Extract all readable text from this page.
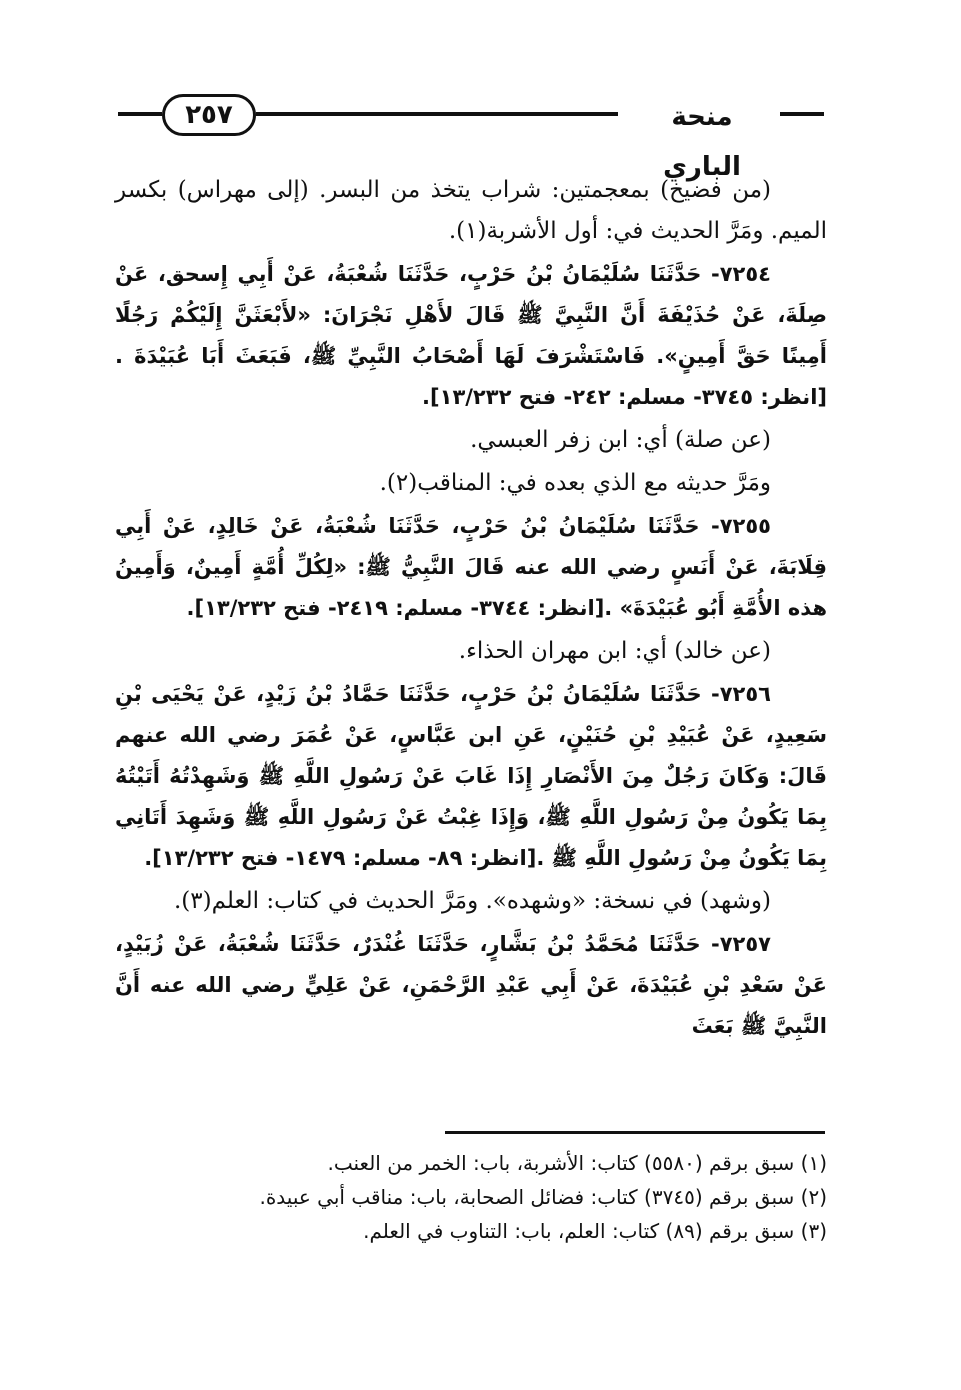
٢٥٧	منحة الباري

(من فضيخ) بمعجمتين: شراب يتخذ من البسر. (إلى مهراس) بكسر الميم. ومَرَّ الحديث في: أول الأشربة(١).

٧٢٥٤- حَدَّثَنَا سُلَيْمَانُ بْنُ حَرْبٍ، حَدَّثَنَا شُعْبَةُ، عَنْ أَبِي إِسحق، عَنْ صِلَةَ، عَنْ حُذَيْفَةَ أَنَّ النَّبِيَّ ﷺ قَالَ لأَهْلِ نَجْرَانَ: «لأَبْعَثَنَّ إِلَيْكُمْ رَجُلًا أَمِينًا حَقَّ أَمِينٍ». فَاسْتَشْرَفَ لَهَا أَصْحَابُ النَّبِيِّ ﷺ، فَبَعَثَ أَبَا عُبَيْدَةَ .[انظر: ٣٧٤٥- مسلم: ٢٤٢- فتح ١٣/٢٣٢].

(عن صلة) أي: ابن زفر العبسي.

ومَرَّ حديثه مع الذي بعده في: المناقب(٢).

٧٢٥٥- حَدَّثَنَا سُلَيْمَانُ بْنُ حَرْبٍ، حَدَّثَنَا شُعْبَةُ، عَنْ خَالِدٍ، عَنْ أَبِي قِلَابَةَ، عَنْ أَنَسٍ رضي الله عنه قَالَ النَّبِيُّ ﷺ: «لِكُلِّ أُمَّةٍ أَمِينٌ، وَأَمِينُ هذه الأُمَّةِ أَبُو عُبَيْدَةَ» .[انظر: ٣٧٤٤- مسلم: ٢٤١٩- فتح ١٣/٢٣٢].

(عن خالد) أي: ابن مهران الحذاء.

٧٢٥٦- حَدَّثَنَا سُلَيْمَانُ بْنُ حَرْبٍ، حَدَّثَنَا حَمَّادُ بْنُ زَيْدٍ، عَنْ يَحْيَى بْنِ سَعِيدٍ، عَنْ عُبَيْدِ بْنِ حُنَيْنٍ، عَنِ ابن عَبَّاسٍ، عَنْ عُمَرَ رضي الله عنهم قَالَ: وَكَانَ رَجُلٌ مِنَ الأَنْصَارِ إِذَا غَابَ عَنْ رَسُولِ اللَّهِ ﷺ وَشَهِدْتُهُ أَتَيْتُهُ بِمَا يَكُونُ مِنْ رَسُولِ اللَّهِ ﷺ، وَإِذَا غِبْتُ عَنْ رَسُولِ اللَّهِ ﷺ وَشَهِدَ أَتَانِي بِمَا يَكُونُ مِنْ رَسُولِ اللَّهِ ﷺ .[انظر: ٨٩- مسلم: ١٤٧٩- فتح ١٣/٢٣٢].

(وشهد) في نسخة: «وشهده». ومَرَّ الحديث في كتاب: العلم(٣).

٧٢٥٧- حَدَّثَنَا مُحَمَّدُ بْنُ بَشَّارٍ، حَدَّثَنَا غُنْدَرٌ، حَدَّثَنَا شُعْبَةُ، عَنْ زُبَيْدٍ، عَنْ سَعْدِ بْنِ عُبَيْدَةَ، عَنْ أَبِي عَبْدِ الرَّحْمَنِ، عَنْ عَلِيٍّ رضي الله عنه أَنَّ النَّبِيَّ ﷺ بَعَثَ

(١) سبق برقم (٥٥٨٠) كتاب: الأشربة، باب: الخمر من العنب.

(٢) سبق برقم (٣٧٤٥) كتاب: فضائل الصحابة، باب: مناقب أبي عبيدة.

(٣) سبق برقم (٨٩) كتاب: العلم، باب: التناوب في العلم.
